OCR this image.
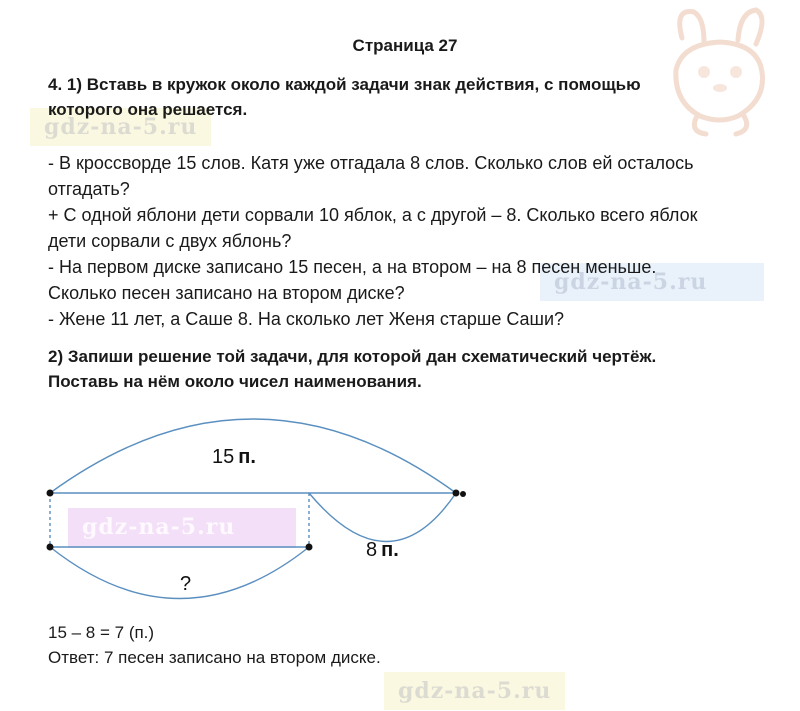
gdz-na-5.ru
gdz-na-5.ru
gdz-na-5.ru
gdz-na-5.ru
Страница 27
4. 1) Вставь в кружок около каждой задачи знак действия, с помощью
которого она решается.
- В кроссворде 15 слов. Катя уже отгадала 8 слов. Сколько слов ей осталось
отгадать?
+ С одной яблони дети сорвали 10 яблок, а с другой – 8. Сколько всего яблок
дети сорвали с двух яблонь?
- На первом диске записано 15 песен, а на втором – на 8 песен меньше.
Сколько песен записано на втором диске?
- Жене 11 лет, а Саше 8. На сколько лет Женя старше Саши?
2) Запиши решение той задачи, для которой дан схематический чертёж.
Поставь на нём около чисел наименования.
15 п.
8 п.
?
15 – 8 = 7 (п.)
Ответ: 7 песен записано на втором диске.
